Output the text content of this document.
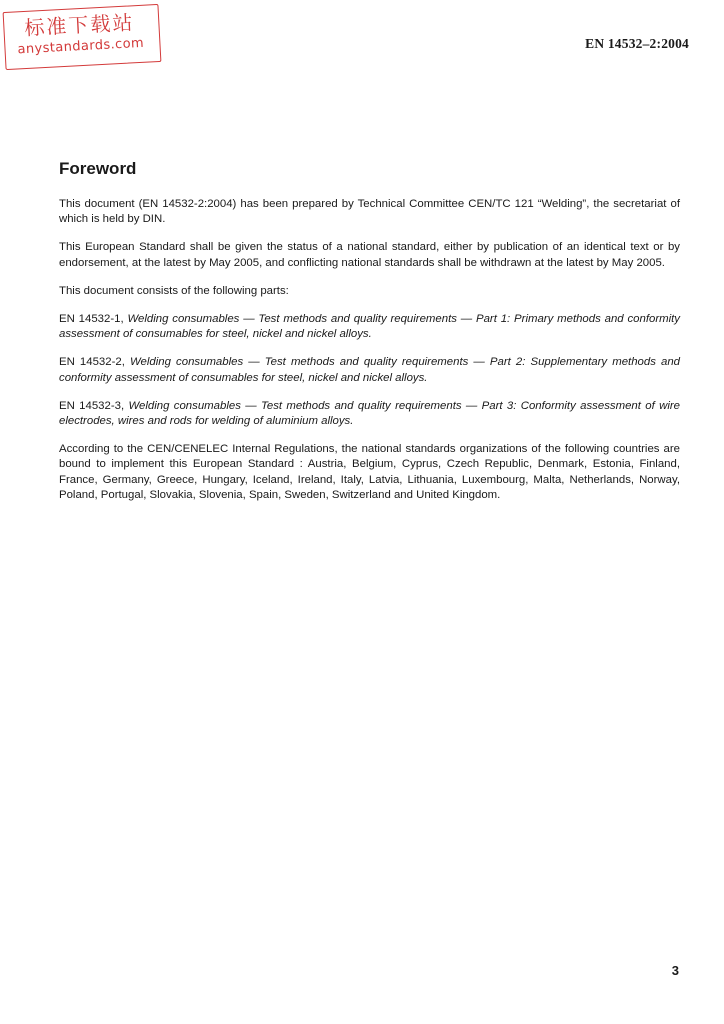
标准下载站
anystandards.com	EN 14532–2:2004
Foreword

This document (EN 14532-2:2004) has been prepared by Technical Committee CEN/TC 121 “Welding”, the secretariat of which is held by DIN.

This European Standard shall be given the status of a national standard, either by publication of an identical text or by endorsement, at the latest by May 2005, and conflicting national standards shall be withdrawn at the latest by May 2005.

This document consists of the following parts:

EN 14532-1, Welding consumables — Test methods and quality requirements — Part 1: Primary methods and conformity assessment of consumables for steel, nickel and nickel alloys.

EN 14532-2, Welding consumables — Test methods and quality requirements — Part 2: Supplementary methods and conformity assessment of consumables for steel, nickel and nickel alloys.

EN 14532-3, Welding consumables — Test methods and quality requirements — Part 3: Conformity assessment of wire electrodes, wires and rods for welding of aluminium alloys.

According to the CEN/CENELEC Internal Regulations, the national standards organizations of the following countries are bound to implement this European Standard : Austria, Belgium, Cyprus, Czech Republic, Denmark, Estonia, Finland, France, Germany, Greece, Hungary, Iceland, Ireland, Italy, Latvia, Lithuania, Luxembourg, Malta, Netherlands, Norway, Poland, Portugal, Slovakia, Slovenia, Spain, Sweden, Switzerland and United Kingdom.

3
